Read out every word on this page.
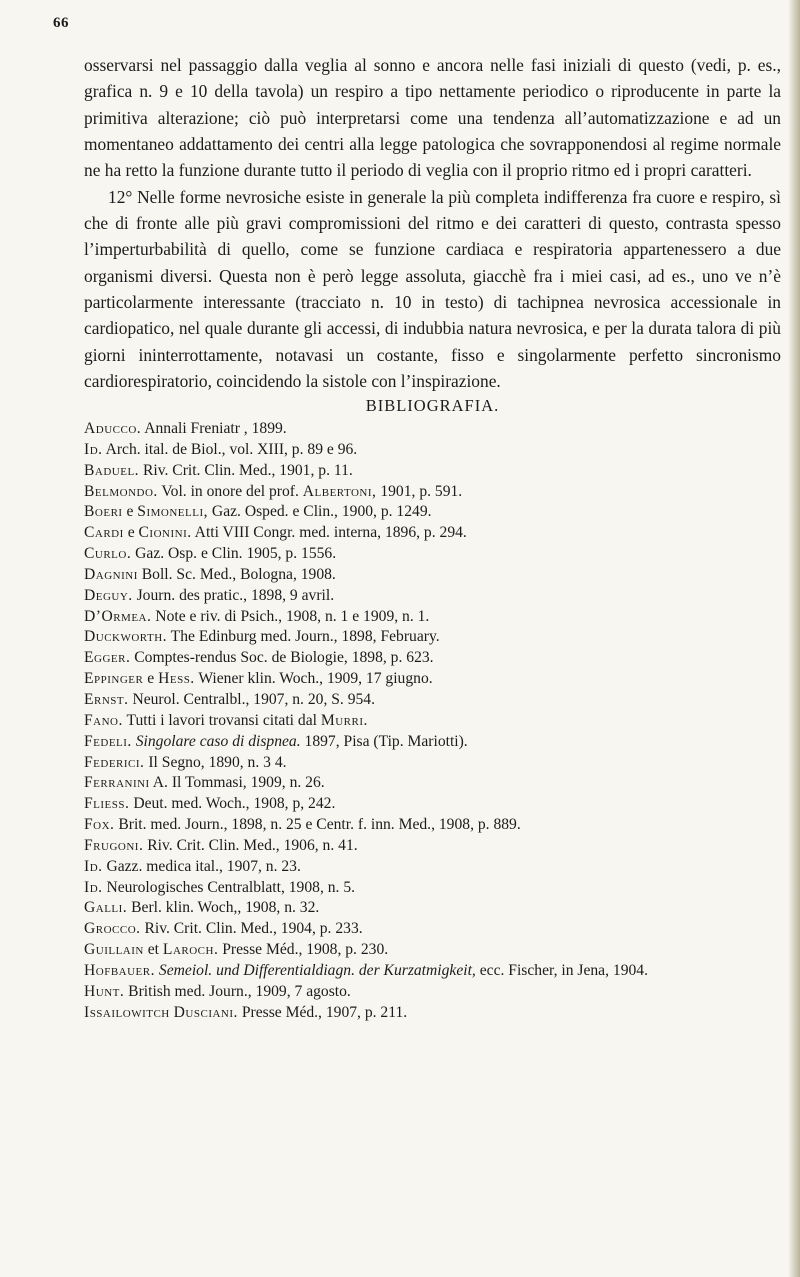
66

osservarsi nel passaggio dalla veglia al sonno e ancora nelle fasi iniziali di questo (vedi, p. es., grafica n. 9 e 10 della tavola) un respiro a tipo nettamente periodico o riproducente in parte la primitiva alterazione; ciò può interpretarsi come una tendenza all’automatizzazione e ad un momentaneo addattamento dei centri alla legge patologica che sovrapponendosi al regime normale ne ha retto la funzione durante tutto il periodo di veglia con il proprio ritmo ed i propri caratteri.

12° Nelle forme nevrosiche esiste in generale la più completa indifferenza fra cuore e respiro, sì che di fronte alle più gravi compromissioni del ritmo e dei caratteri di questo, contrasta spesso l’imperturbabilità di quello, come se funzione cardiaca e respiratoria appartenessero a due organismi diversi. Questa non è però legge assoluta, giacchè fra i miei casi, ad es., uno ve n’è particolarmente interessante (tracciato n. 10 in testo) di tachipnea nevrosica accessionale in cardiopatico, nel quale durante gli accessi, di indubbia natura nevrosica, e per la durata talora di più giorni ininterrottamente, notavasi un costante, fisso e singolarmente perfetto sincronismo cardiorespiratorio, coincidendo la sistole con l’inspirazione.

BIBLIOGRAFIA.
Aducco. Annali Freniatr , 1899.
Id. Arch. ital. de Biol., vol. XIII, p. 89 e 96.
Baduel. Riv. Crit. Clin. Med., 1901, p. 11.
Belmondo. Vol. in onore del prof. Albertoni, 1901, p. 591.
Boeri e Simonelli, Gaz. Osped. e Clin., 1900, p. 1249.
Cardi e Cionini. Atti VIII Congr. med. interna, 1896, p. 294.
Curlo. Gaz. Osp. e Clin. 1905, p. 1556.
Dagnini Boll. Sc. Med., Bologna, 1908.
Deguy. Journ. des pratic., 1898, 9 avril.
D’Ormea. Note e riv. di Psich., 1908, n. 1 e 1909, n. 1.
Duckworth. The Edinburg med. Journ., 1898, February.
Egger. Comptes-rendus Soc. de Biologie, 1898, p. 623.
Eppinger e Hess. Wiener klin. Woch., 1909, 17 giugno.
Ernst. Neurol. Centralbl., 1907, n. 20, S. 954.
Fano. Tutti i lavori trovansi citati dal Murri.
Fedeli. Singolare caso di dispnea. 1897, Pisa (Tip. Mariotti).
Federici. Il Segno, 1890, n. 3 4.
Ferranini A. Il Tommasi, 1909, n. 26.
Fliess. Deut. med. Woch., 1908, p, 242.
Fox. Brit. med. Journ., 1898, n. 25 e Centr. f. inn. Med., 1908, p. 889.
Frugoni. Riv. Crit. Clin. Med., 1906, n. 41.
Id. Gazz. medica ital., 1907, n. 23.
Id. Neurologisches Centralblatt, 1908, n. 5.
Galli. Berl. klin. Woch,, 1908, n. 32.
Grocco. Riv. Crit. Clin. Med., 1904, p. 233.
Guillain et Laroch. Presse Méd., 1908, p. 230.
Hofbauer. Semeiol. und Differentialdiagn. der Kurzatmigkeit, ecc. Fischer, in Jena, 1904.
Hunt. British med. Journ., 1909, 7 agosto.
Issailowitch Dusciani. Presse Méd., 1907, p. 211.
